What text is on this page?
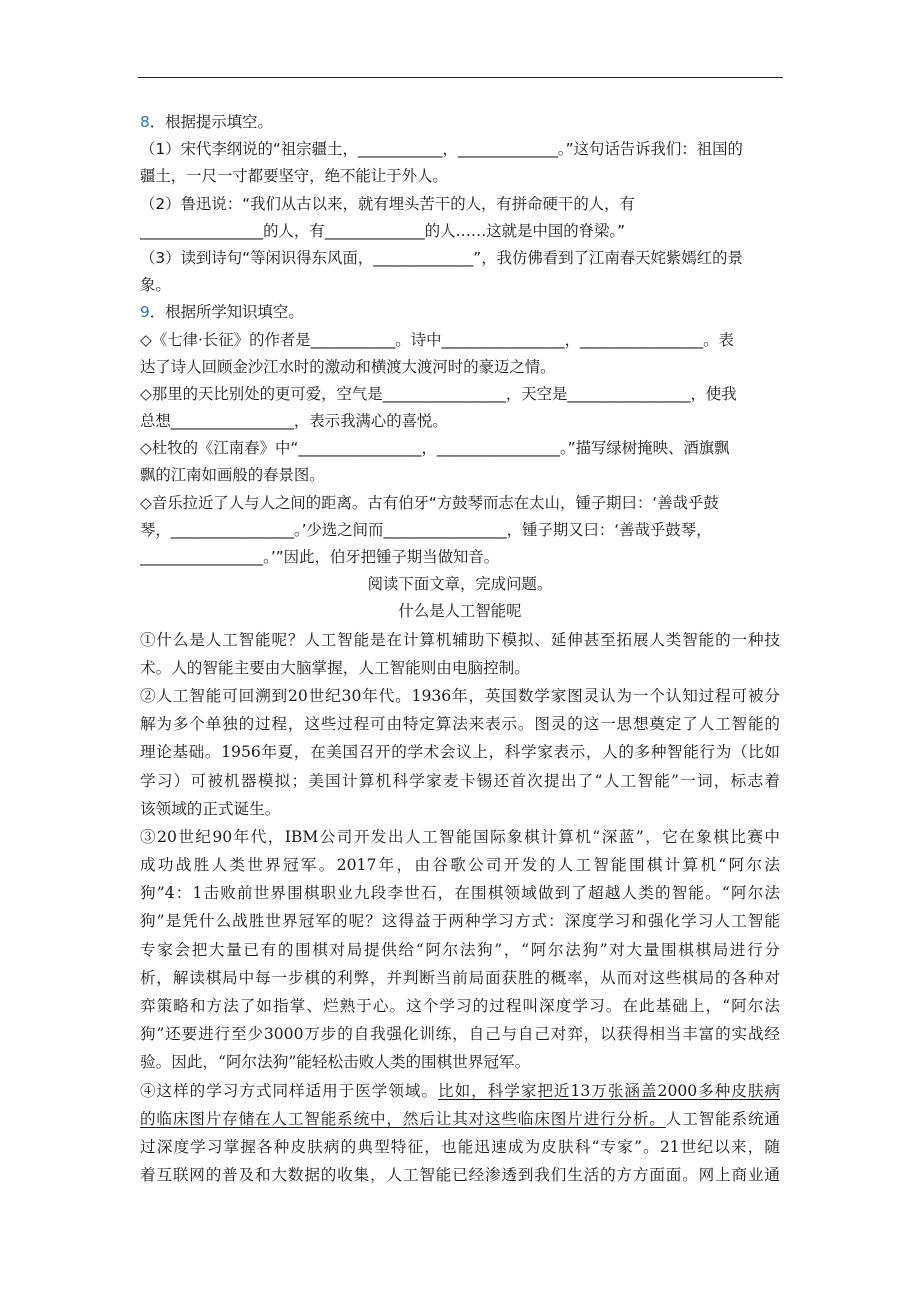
8．根据提示填空。
（1）宋代李纲说的“祖宗疆土，___________，_____________。”这句话告诉我们：祖国的
疆土，一尺一寸都要坚守，绝不能让于外人。
（2）鲁迅说：“我们从古以来，就有埋头苦干的人，有拼命硬干的人，有
________________的人，有_____________的人……这就是中国的脊梁。”
（3）读到诗句“等闲识得东风面，_____________”，我仿佛看到了江南春天姹紫嫣红的景
象。
9．根据所学知识填空。
◇《七律·长征》的作者是___________。诗中________________，________________。表
达了诗人回顾金沙江水时的激动和横渡大渡河时的豪迈之情。
◇那里的天比别处的更可爱，空气是________________，天空是________________，使我
总想________________，表示我满心的喜悦。
◇杜牧的《江南春》中“________________，________________。”描写绿树掩映、酒旗飘
飘的江南如画般的春景图。
◇音乐拉近了人与人之间的距离。古有伯牙“方鼓琴而志在太山，锺子期曰：‘善哉乎鼓
琴，________________。’少选之间而________________，锺子期又曰：‘善哉乎鼓琴，
________________。’”因此，伯牙把锺子期当做知音。
阅读下面文章，完成问题。
什么是人工智能呢
①什么是人工智能呢？人工智能是在计算机辅助下模拟、延伸甚至拓展人类智能的一种技
术。人的智能主要由大脑掌握，人工智能则由电脑控制。
②人工智能可回溯到20世纪30年代。1936年，英国数学家图灵认为一个认知过程可被分
解为多个单独的过程，这些过程可由特定算法来表示。图灵的这一思想奠定了人工智能的
理论基础。1956年夏，在美国召开的学术会议上，科学家表示，人的多种智能行为（比如
学习）可被机器模拟；美国计算机科学家麦卡锡还首次提出了“人工智能”一词，标志着
该领域的正式诞生。
③20世纪90年代，IBM公司开发出人工智能国际象棋计算机“深蓝”，它在象棋比赛中
成功战胜人类世界冠军。2017年，由谷歌公司开发的人工智能围棋计算机“阿尔法
狗”4：1击败前世界围棋职业九段李世石，在围棋领域做到了超越人类的智能。“阿尔法
狗”是凭什么战胜世界冠军的呢？这得益于两种学习方式：深度学习和强化学习人工智能
专家会把大量已有的围棋对局提供给“阿尔法狗”，“阿尔法狗”对大量围棋棋局进行分
析，解读棋局中每一步棋的利弊，并判断当前局面获胜的概率，从而对这些棋局的各种对
弈策略和方法了如指掌、烂熟于心。这个学习的过程叫深度学习。在此基础上，“阿尔法
狗”还要进行至少3000万步的自我强化训练，自己与自己对弈，以获得相当丰富的实战经
验。因此，“阿尔法狗”能轻松击败人类的围棋世界冠军。
④这样的学习方式同样适用于医学领域。比如，科学家把近13万张涵盖2000多种皮肤病
的临床图片存储在人工智能系统中，然后让其对这些临床图片进行分析。人工智能系统通
过深度学习掌握各种皮肤病的典型特征，也能迅速成为皮肤科“专家”。21世纪以来，随
着互联网的普及和大数据的收集，人工智能已经渗透到我们生活的方方面面。网上商业通
